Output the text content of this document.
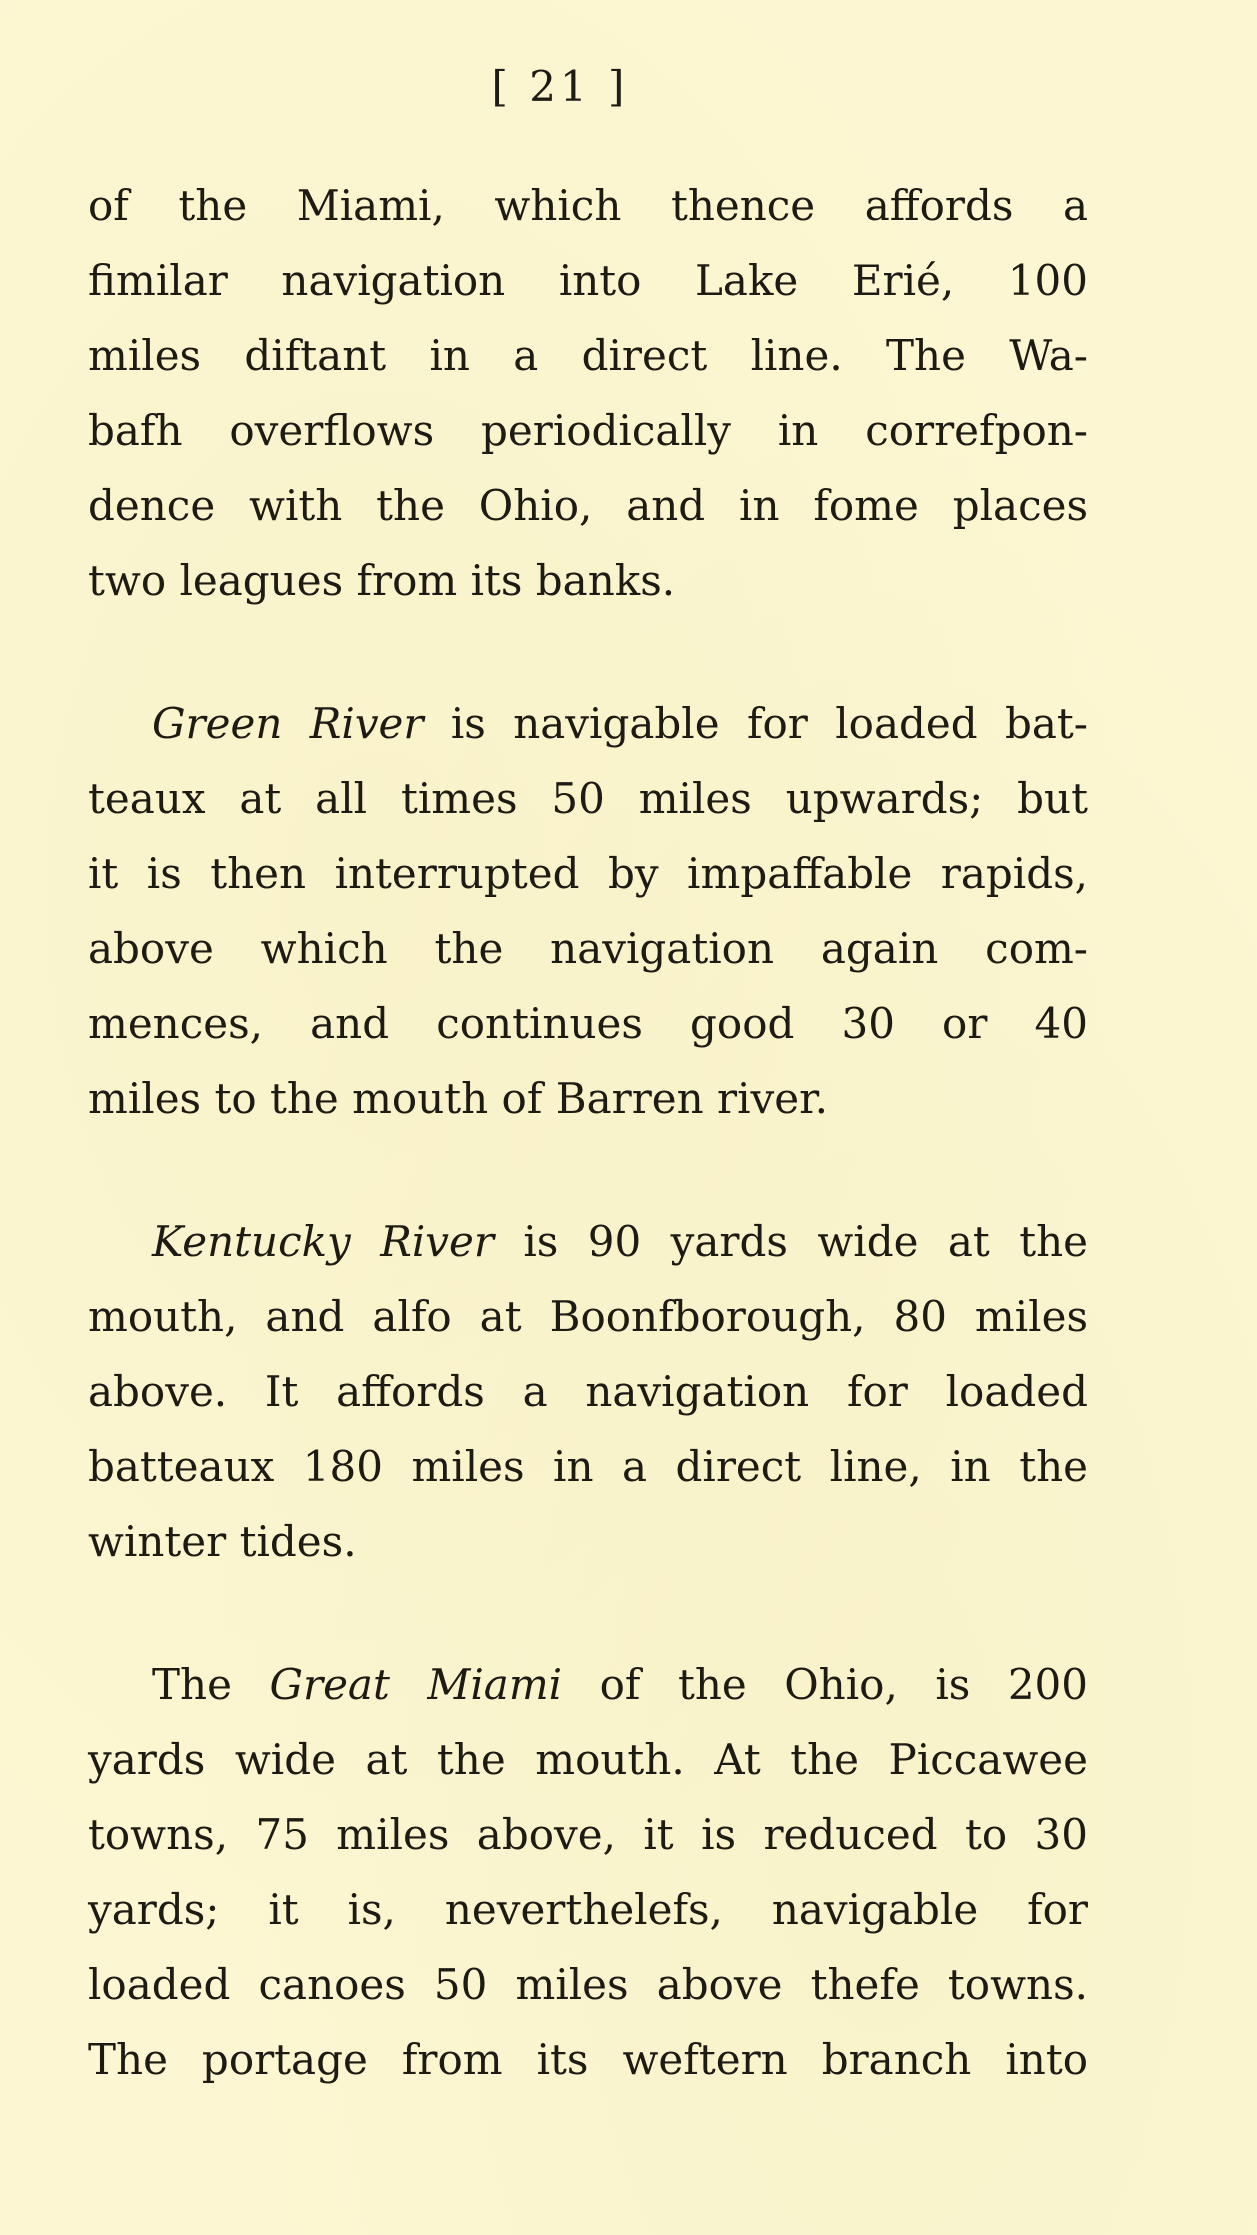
[ 21 ]
of the Miami, which thence affords a
fimilar navigation into Lake Erié, 100
miles diftant in a direct line. The Wa-
bafh overflows periodically in correfpon-
dence with the Ohio, and in fome places
two leagues from its banks.
Green River is navigable for loaded bat-
teaux at all times 50 miles upwards; but
it is then interrupted by impaffable rapids,
above which the navigation again com-
mences, and continues good 30 or 40
miles to the mouth of Barren river.
Kentucky River is 90 yards wide at the
mouth, and alfo at Boonfborough, 80 miles
above. It affords a navigation for loaded
batteaux 180 miles in a direct line, in the
winter tides.
The Great Miami of the Ohio, is 200
yards wide at the mouth. At the Piccawee
towns, 75 miles above, it is reduced to 30
yards; it is, neverthelefs, navigable for
loaded canoes 50 miles above thefe towns.
The portage from its weftern branch into
